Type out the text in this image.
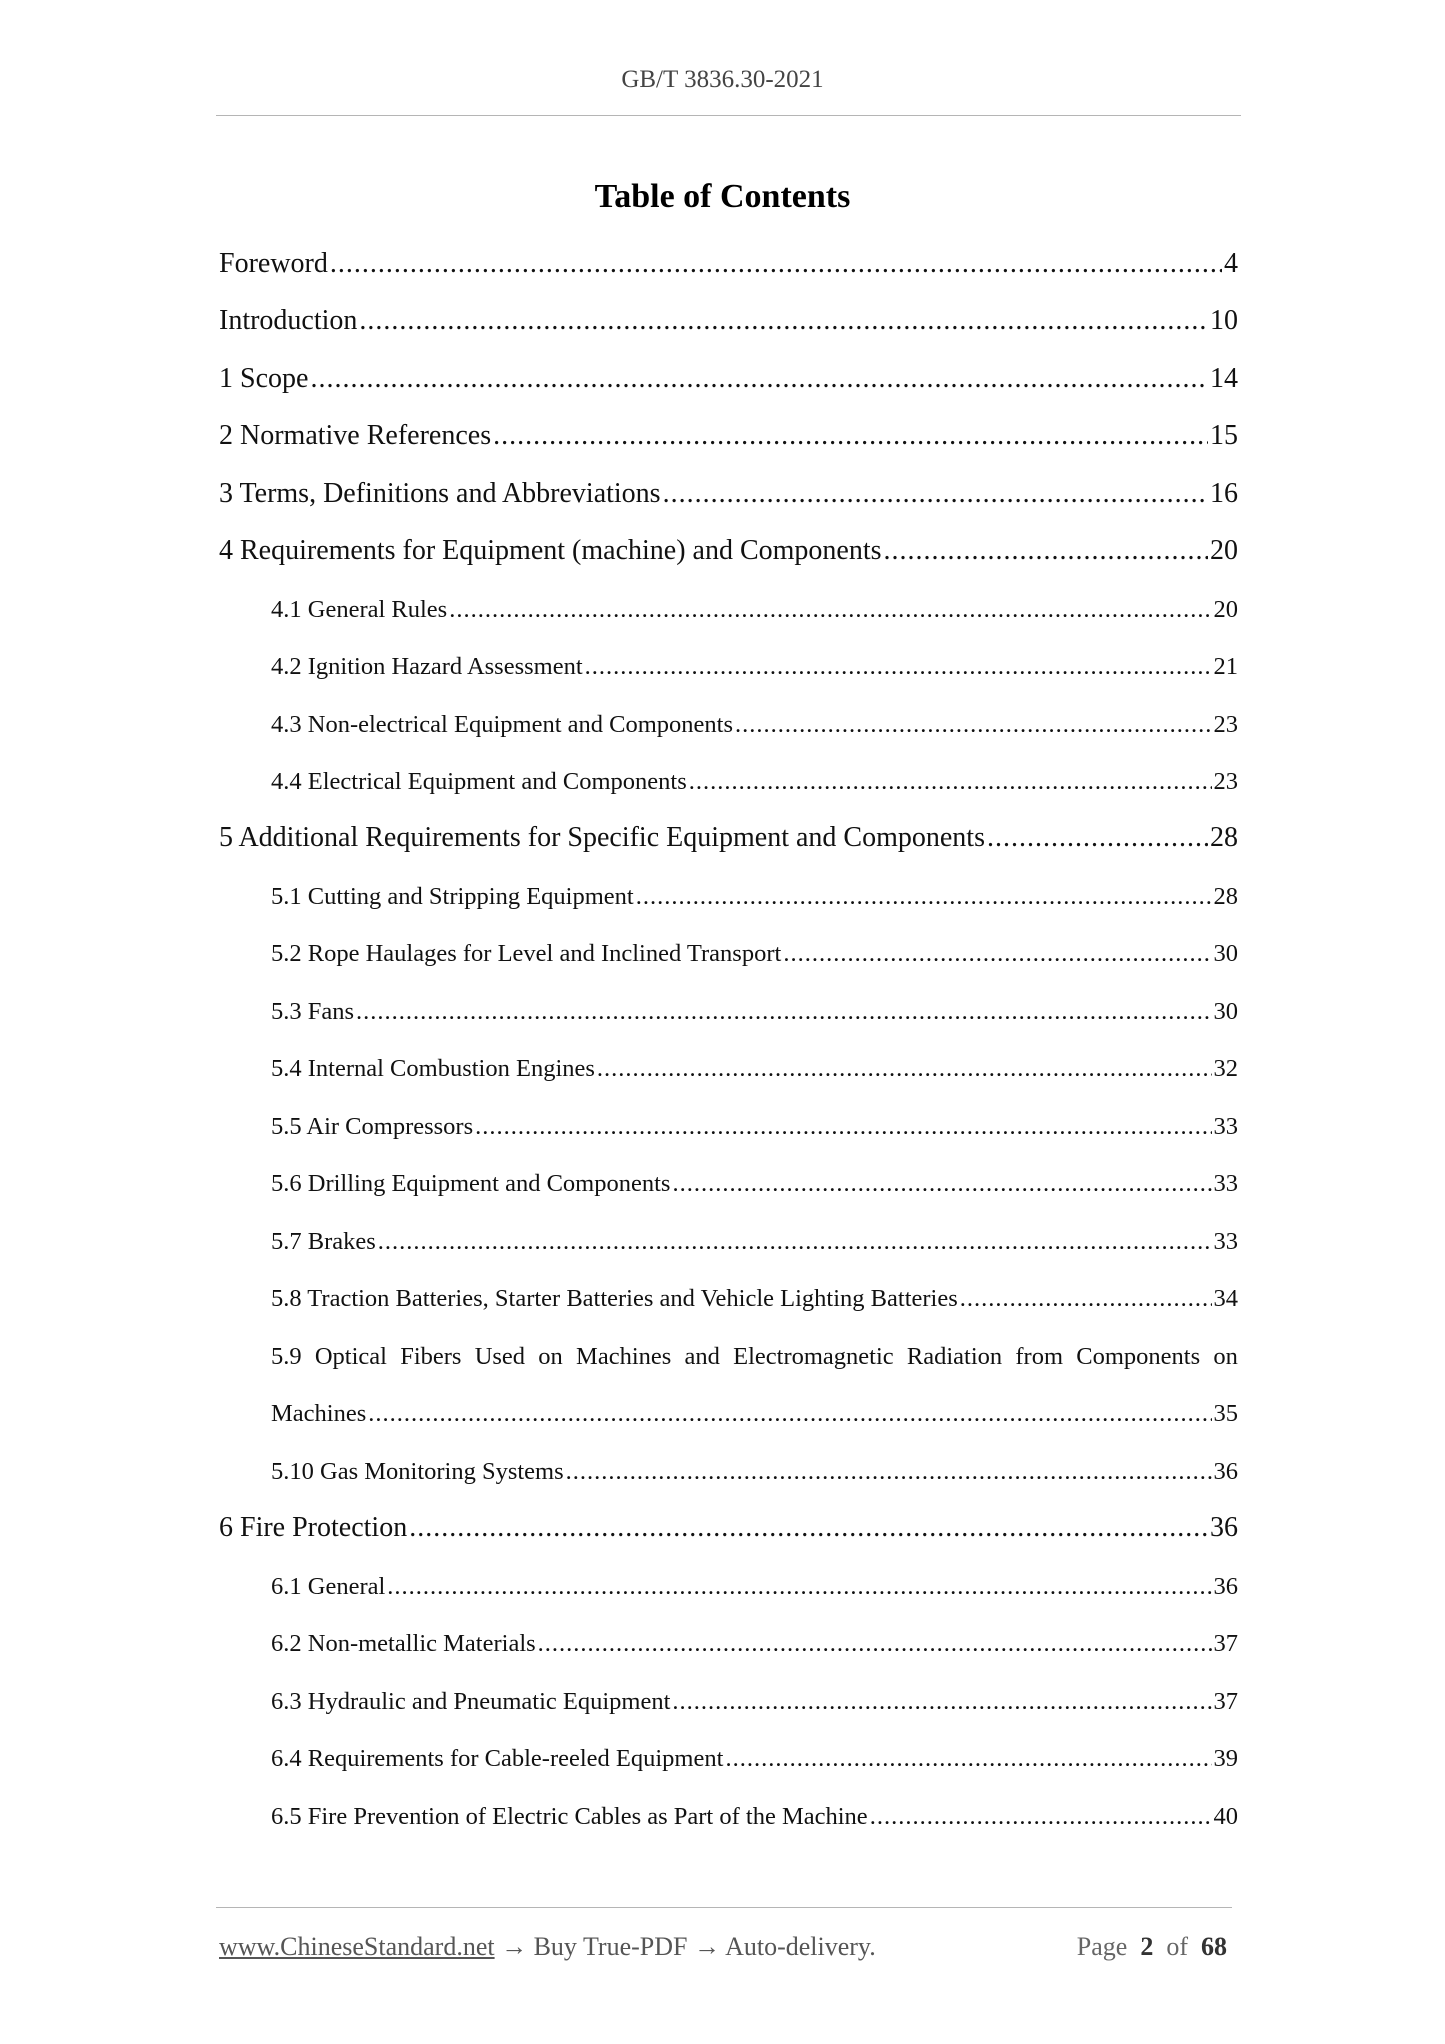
GB/T 3836.30-2021
Table of Contents
Foreword .....	4
Introduction .....	10
1 Scope .....	14
2 Normative References .....	15
3 Terms, Definitions and Abbreviations .....	16
4 Requirements for Equipment (machine) and Components .....	20
4.1 General Rules .....	20
4.2 Ignition Hazard Assessment .....	21
4.3 Non-electrical Equipment and Components .....	23
4.4 Electrical Equipment and Components .....	23
5 Additional Requirements for Specific Equipment and Components .....	28
5.1 Cutting and Stripping Equipment .....	28
5.2 Rope Haulages for Level and Inclined Transport .....	30
5.3 Fans .....	30
5.4 Internal Combustion Engines .....	32
5.5 Air Compressors .....	33
5.6 Drilling Equipment and Components .....	33
5.7 Brakes .....	33
5.8 Traction Batteries, Starter Batteries and Vehicle Lighting Batteries .....	34
5.9 Optical Fibers Used on Machines and Electromagnetic Radiation from Components on
Machines .....	35
5.10 Gas Monitoring Systems .....	36
6 Fire Protection .....	36
6.1 General .....	36
6.2 Non-metallic Materials .....	37
6.3 Hydraulic and Pneumatic Equipment .....	37
6.4 Requirements for Cable-reeled Equipment .....	39
6.5 Fire Prevention of Electric Cables as Part of the Machine .....	40
www.ChineseStandard.net → Buy True-PDF → Auto-delivery.	Page 2 of 68
